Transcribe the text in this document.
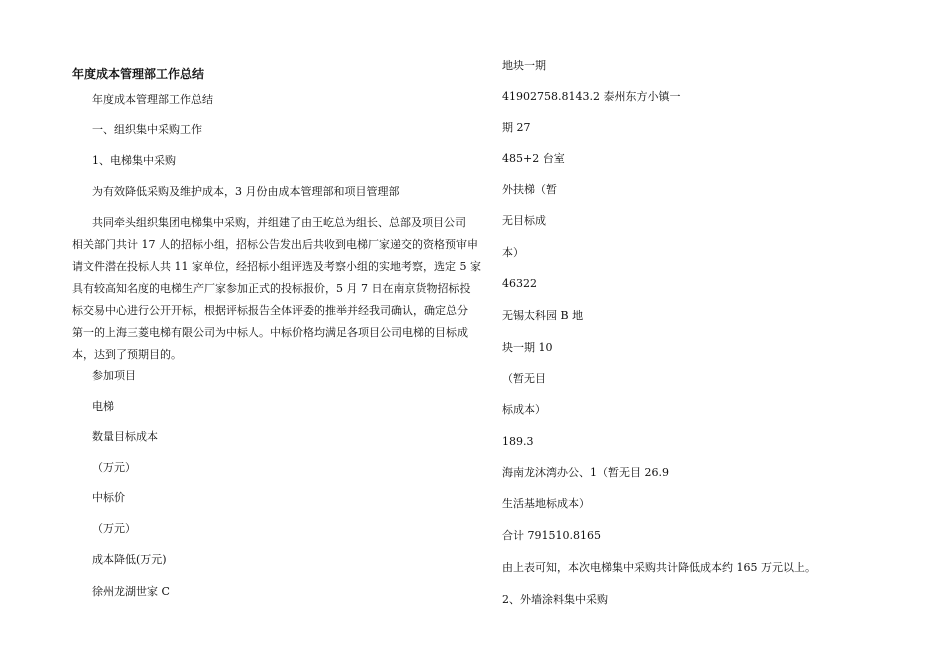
年度成本管理部工作总结
年度成本管理部工作总结
一、组织集中采购工作
1、电梯集中采购
为有效降低采购及维护成本，3 月份由成本管理部和项目管理部
共同牵头组织集团电梯集中采购，并组建了由王屹总为组长、总部及项目公司
相关部门共计 17 人的招标小组，招标公告发出后共收到电梯厂家递交的资格预审申
请文件潜在投标人共 11 家单位，经招标小组评选及考察小组的实地考察，选定 5 家
具有较高知名度的电梯生产厂家参加正式的投标报价，5 月 7 日在南京货物招标投
标交易中心进行公开开标，根据评标报告全体评委的推举并经我司确认，确定总分
第一的上海三菱电梯有限公司为中标人。中标价格均满足各项目公司电梯的目标成
本，达到了预期目的。
参加项目
电梯
数量目标成本
（万元）
中标价
（万元）
成本降低(万元)
徐州龙湖世家 C
地块一期
41902758.8143.2 泰州东方小镇一
期 27
485+2 台室
外扶梯（暂
无目标成
本）
46322
无锡太科园 B 地
块一期 10
（暂无目
标成本）
189.3
海南龙沐湾办公、1（暂无目 26.9
生活基地标成本）
合计 791510.8165
由上表可知，本次电梯集中采购共计降低成本约 165 万元以上。
2、外墙涂料集中采购
